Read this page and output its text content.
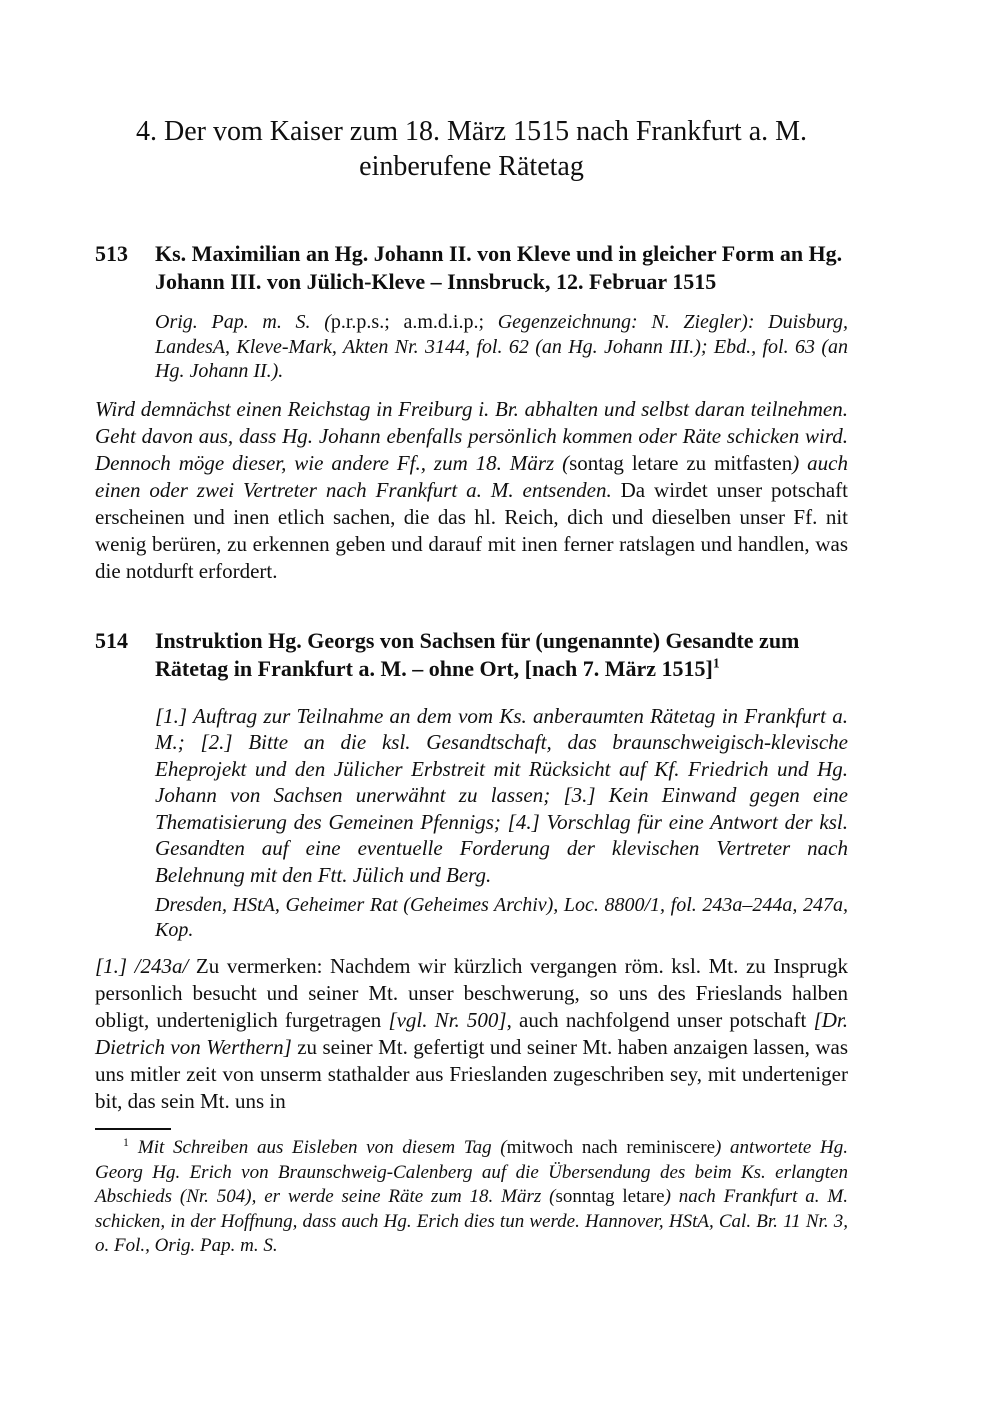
4. Der vom Kaiser zum 18. März 1515 nach Frankfurt a. M. einberufene Rätetag
513	Ks. Maximilian an Hg. Johann II. von Kleve und in gleicher Form an Hg. Johann III. von Jülich-Kleve – Innsbruck, 12. Februar 1515

Orig. Pap. m. S. (p.r.p.s.; a.m.d.i.p.; Gegenzeichnung: N. Ziegler): Duisburg, LandesA, Kleve-Mark, Akten Nr. 3144, fol. 62 (an Hg. Johann III.); Ebd., fol. 63 (an Hg. Johann II.).

Wird demnächst einen Reichstag in Freiburg i. Br. abhalten und selbst daran teilnehmen. Geht davon aus, dass Hg. Johann ebenfalls persönlich kommen oder Räte schicken wird. Dennoch möge dieser, wie andere Ff., zum 18. März (sontag letare zu mitfasten) auch einen oder zwei Vertreter nach Frankfurt a. M. entsenden. Da wirdet unser potschaft erscheinen und inen etlich sachen, die das hl. Reich, dich und dieselben unser Ff. nit wenig berüren, zu erkennen geben und darauf mit inen ferner ratslagen und handlen, was die notdurft erfordert.

514	Instruktion Hg. Georgs von Sachsen für (ungenannte) Gesandte zum Rätetag in Frankfurt a. M. – ohne Ort, [nach 7. März 1515]$^1$

[1.] Auftrag zur Teilnahme an dem vom Ks. anberaumten Rätetag in Frankfurt a. M.; [2.] Bitte an die ksl. Gesandtschaft, das braunschweigisch-klevische Eheprojekt und den Jülicher Erbstreit mit Rücksicht auf Kf. Friedrich und Hg. Johann von Sachsen unerwähnt zu lassen; [3.] Kein Einwand gegen eine Thematisierung des Gemeinen Pfennigs; [4.] Vorschlag für eine Antwort der ksl. Gesandten auf eine eventuelle Forderung der klevischen Vertreter nach Belehnung mit den Ftt. Jülich und Berg.

Dresden, HStA, Geheimer Rat (Geheimes Archiv), Loc. 8800/1, fol. 243a–244a, 247a, Kop.

[1.] /243a/ Zu vermerken: Nachdem wir kürzlich vergangen röm. ksl. Mt. zu Insprugk personlich besucht und seiner Mt. unser beschwerung, so uns des Frieslands halben obligt, underteniglich furgetragen [vgl. Nr. 500], auch nachfolgend unser potschaft [Dr. Dietrich von Werthern] zu seiner Mt. gefertigt und seiner Mt. haben anzaigen lassen, was uns mitler zeit von unserm stathalder aus Frieslanden zugeschriben sey, mit underteniger bit, das sein Mt. uns in

$^1$ Mit Schreiben aus Eisleben von diesem Tag (mitwoch nach reminiscere) antwortete Hg. Georg Hg. Erich von Braunschweig-Calenberg auf die Übersendung des beim Ks. erlangten Abschieds (Nr. 504), er werde seine Räte zum 18. März (sonntag letare) nach Frankfurt a. M. schicken, in der Hoffnung, dass auch Hg. Erich dies tun werde. Hannover, HStA, Cal. Br. 11 Nr. 3, o. Fol., Orig. Pap. m. S.
